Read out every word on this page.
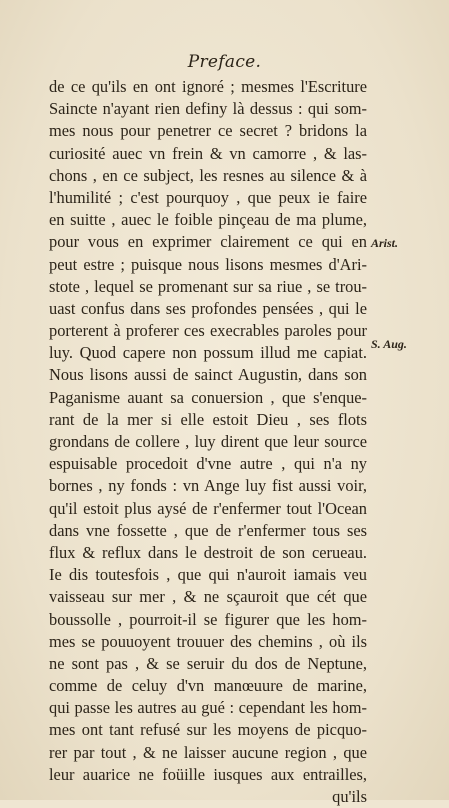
Preface.
de ce qu'ils en ont ignoré ; mesmes l'Escriture
Saincte n'ayant rien definy là dessus : qui som-
mes nous pour penetrer ce secret ? bridons la
curiosité auec vn frein & vn camorre , & las-
chons , en ce subject, les resnes au silence & à
l'humilité ; c'est pourquoy , que peux ie faire
en suitte , auec le foible pinçeau de ma plume,
pour vous en exprimer clairement ce qui en
peut estre ; puisque nous lisons mesmes d'Ari-
stote , lequel se promenant sur sa riue , se trou-
uast confus dans ses profondes pensées , qui le
porterent à proferer ces execrables paroles pour
luy. Quod capere non possum illud me capiat.
Nous lisons aussi de sainct Augustin, dans son
Paganisme auant sa conuersion , que s'enque-
rant de la mer si elle estoit Dieu , ses flots
grondans de collere , luy dirent que leur source
espuisable procedoit d'vne autre , qui n'a ny
bornes , ny fonds : vn Ange luy fist aussi voir,
qu'il estoit plus aysé de r'enfermer tout l'Ocean
dans vne fossette , que de r'enfermer tous ses
flux & reflux dans le destroit de son cerueau.
Ie dis toutesfois , que qui n'auroit iamais veu
vaisseau sur mer , & ne sçauroit que cét que
boussolle , pourroit-il se figurer que les hom-
mes se pouuoyent trouuer des chemins , où ils
ne sont pas , & se seruir du dos de Neptune,
comme de celuy d'vn manœuure de marine,
qui passe les autres au gué : cependant les hom-
mes ont tant refusé sur les moyens de picquo-
rer par tout , & ne laisser aucune region , que
leur auarice ne foüille iusques aux entrailles,
qu'ils
Arist.
S. Aug.
